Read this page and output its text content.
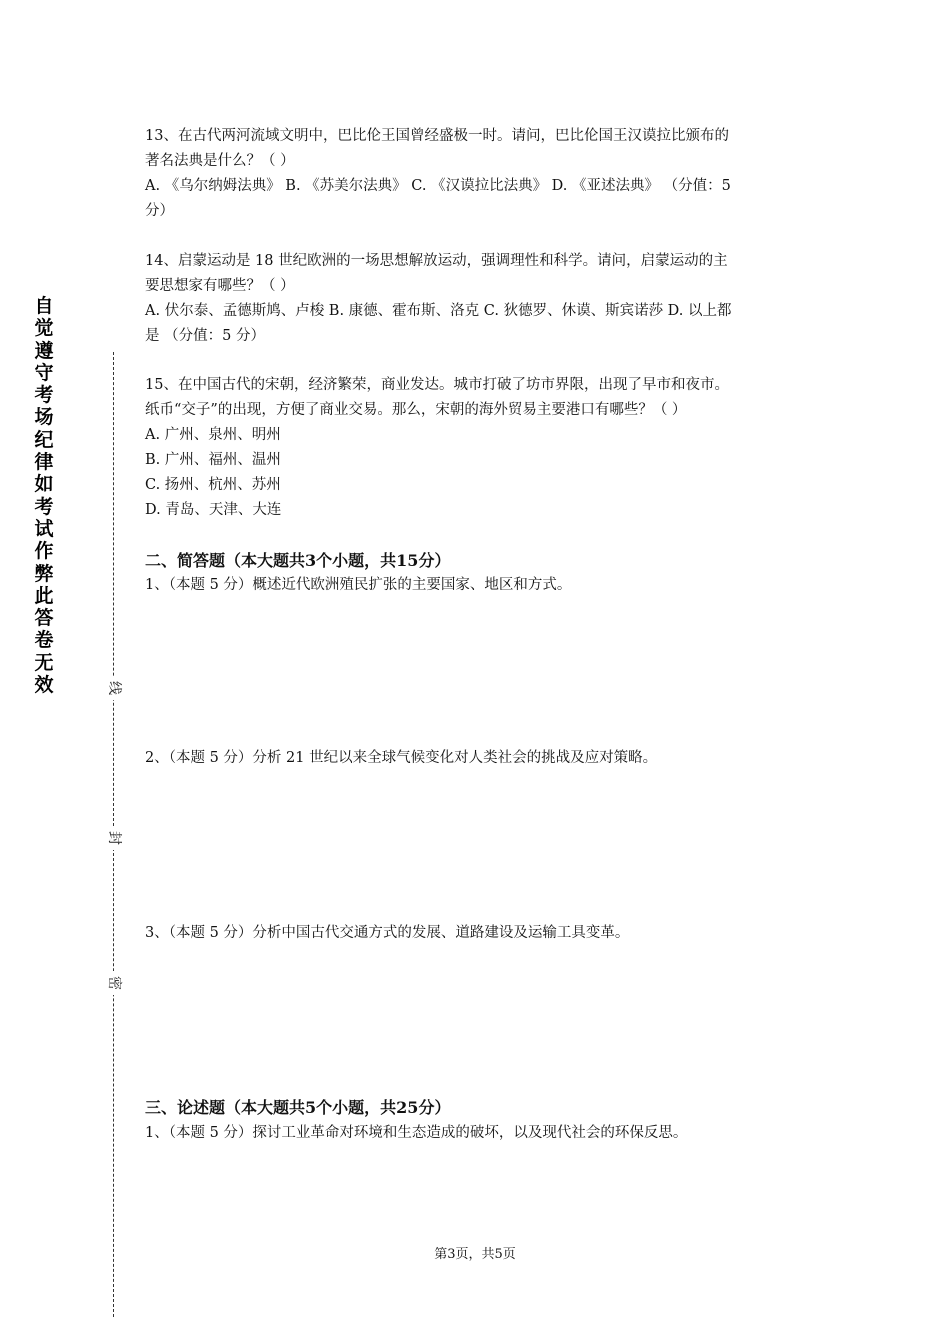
自
觉
遵
守
考
场
纪
律
如
考
试
作
弊
此
答
卷
无
效	线
封
密

13、在古代两河流域文明中，巴比伦王国曾经盛极一时。请问，巴比伦国王汉谟拉比颁布的

著名法典是什么？（ ）

A. 《乌尔纳姆法典》 B. 《苏美尔法典》 C. 《汉谟拉比法典》 D. 《亚述法典》 （分值：5

分）

14、启蒙运动是 18 世纪欧洲的一场思想解放运动，强调理性和科学。请问，启蒙运动的主

要思想家有哪些？（ ）

A. 伏尔泰、孟德斯鸠、卢梭 B. 康德、霍布斯、洛克 C. 狄德罗、休谟、斯宾诺莎 D. 以上都

是 （分值：5 分）

15、在中国古代的宋朝，经济繁荣，商业发达。城市打破了坊市界限，出现了早市和夜市。

纸币“交子”的出现，方便了商业交易。那么，宋朝的海外贸易主要港口有哪些？（ ）

A. 广州、泉州、明州

B. 广州、福州、温州

C. 扬州、杭州、苏州

D. 青岛、天津、大连

二、简答题（本大题共3个小题，共15分）

1、（本题 5 分）概述近代欧洲殖民扩张的主要国家、地区和方式。

2、（本题 5 分）分析 21 世纪以来全球气候变化对人类社会的挑战及应对策略。

3、（本题 5 分）分析中国古代交通方式的发展、道路建设及运输工具变革。

三、论述题（本大题共5个小题，共25分）

1、（本题 5 分）探讨工业革命对环境和生态造成的破坏，以及现代社会的环保反思。

第3页，共5页
